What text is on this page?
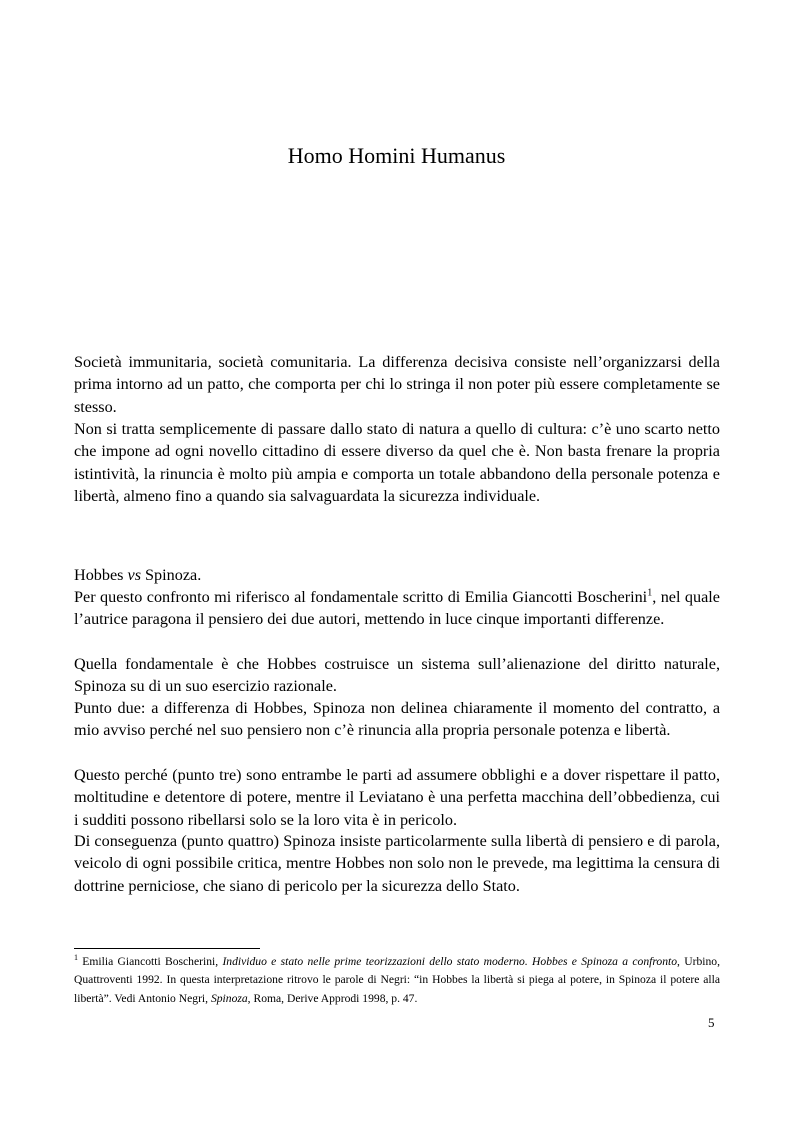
Homo Homini Humanus

Società immunitaria, società comunitaria. La differenza decisiva consiste nell’organizzarsi della prima intorno ad un patto, che comporta per chi lo stringa il non poter più essere completamente se stesso.

Non si tratta semplicemente di passare dallo stato di natura a quello di cultura: c’è uno scarto netto che impone ad ogni novello cittadino di essere diverso da quel che è. Non basta frenare la propria istintività, la rinuncia è molto più ampia e comporta un totale abbandono della personale potenza e libertà, almeno fino a quando sia salvaguardata la sicurezza individuale.

Hobbes vs Spinoza.

Per questo confronto mi riferisco al fondamentale scritto di Emilia Giancotti Boscherini$^1$, nel quale l’autrice paragona il pensiero dei due autori, mettendo in luce cinque importanti differenze.

Quella fondamentale è che Hobbes costruisce un sistema sull’alienazione del diritto naturale, Spinoza su di un suo esercizio razionale.

Punto due: a differenza di Hobbes, Spinoza non delinea chiaramente il momento del contratto, a mio avviso perché nel suo pensiero non c’è rinuncia alla propria personale potenza e libertà.

Questo perché (punto tre) sono entrambe le parti ad assumere obblighi e a dover rispettare il patto, moltitudine e detentore di potere, mentre il Leviatano è una perfetta macchina dell’obbedienza, cui i sudditi possono ribellarsi solo se la loro vita è in pericolo.

Di conseguenza (punto quattro) Spinoza insiste particolarmente sulla libertà di pensiero e di parola, veicolo di ogni possibile critica, mentre Hobbes non solo non le prevede, ma legittima la censura di dottrine perniciose, che siano di pericolo per la sicurezza dello Stato.

$^1$ Emilia Giancotti Boscherini, Individuo e stato nelle prime teorizzazioni dello stato moderno. Hobbes e Spinoza a confronto, Urbino, Quattroventi 1992. In questa interpretazione ritrovo le parole di Negri: “in Hobbes la libertà si piega al potere, in Spinoza il potere alla libertà”. Vedi Antonio Negri, Spinoza, Roma, Derive Approdi 1998, p. 47.

5
